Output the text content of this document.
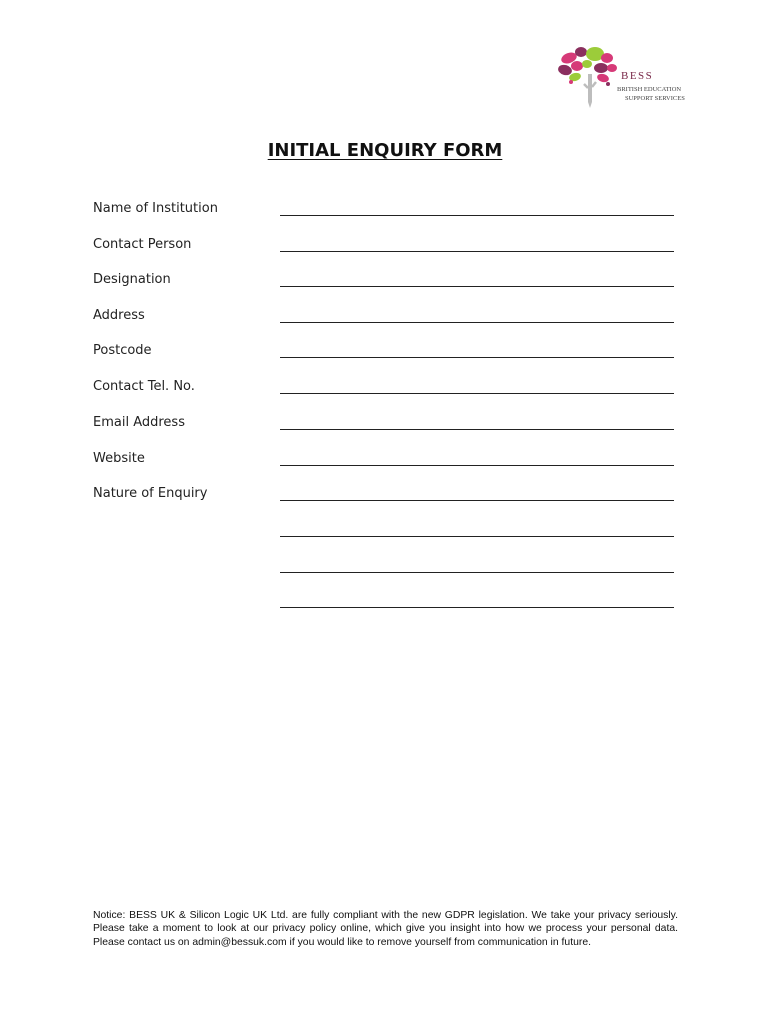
BESS
BRITISH EDUCATION
SUPPORT SERVICES
INITIAL ENQUIRY FORM
Name of Institution
Contact Person
Designation
Address
Postcode
Contact Tel. No.
Email Address
Website
Nature of Enquiry
Notice: BESS UK & Silicon Logic UK Ltd. are fully compliant with the new GDPR legislation. We take your privacy seriously. Please take a moment to look at our privacy policy online, which give you insight into how we process your personal data. Please contact us on admin@bessuk.com if you would like to remove yourself from communication in future.
